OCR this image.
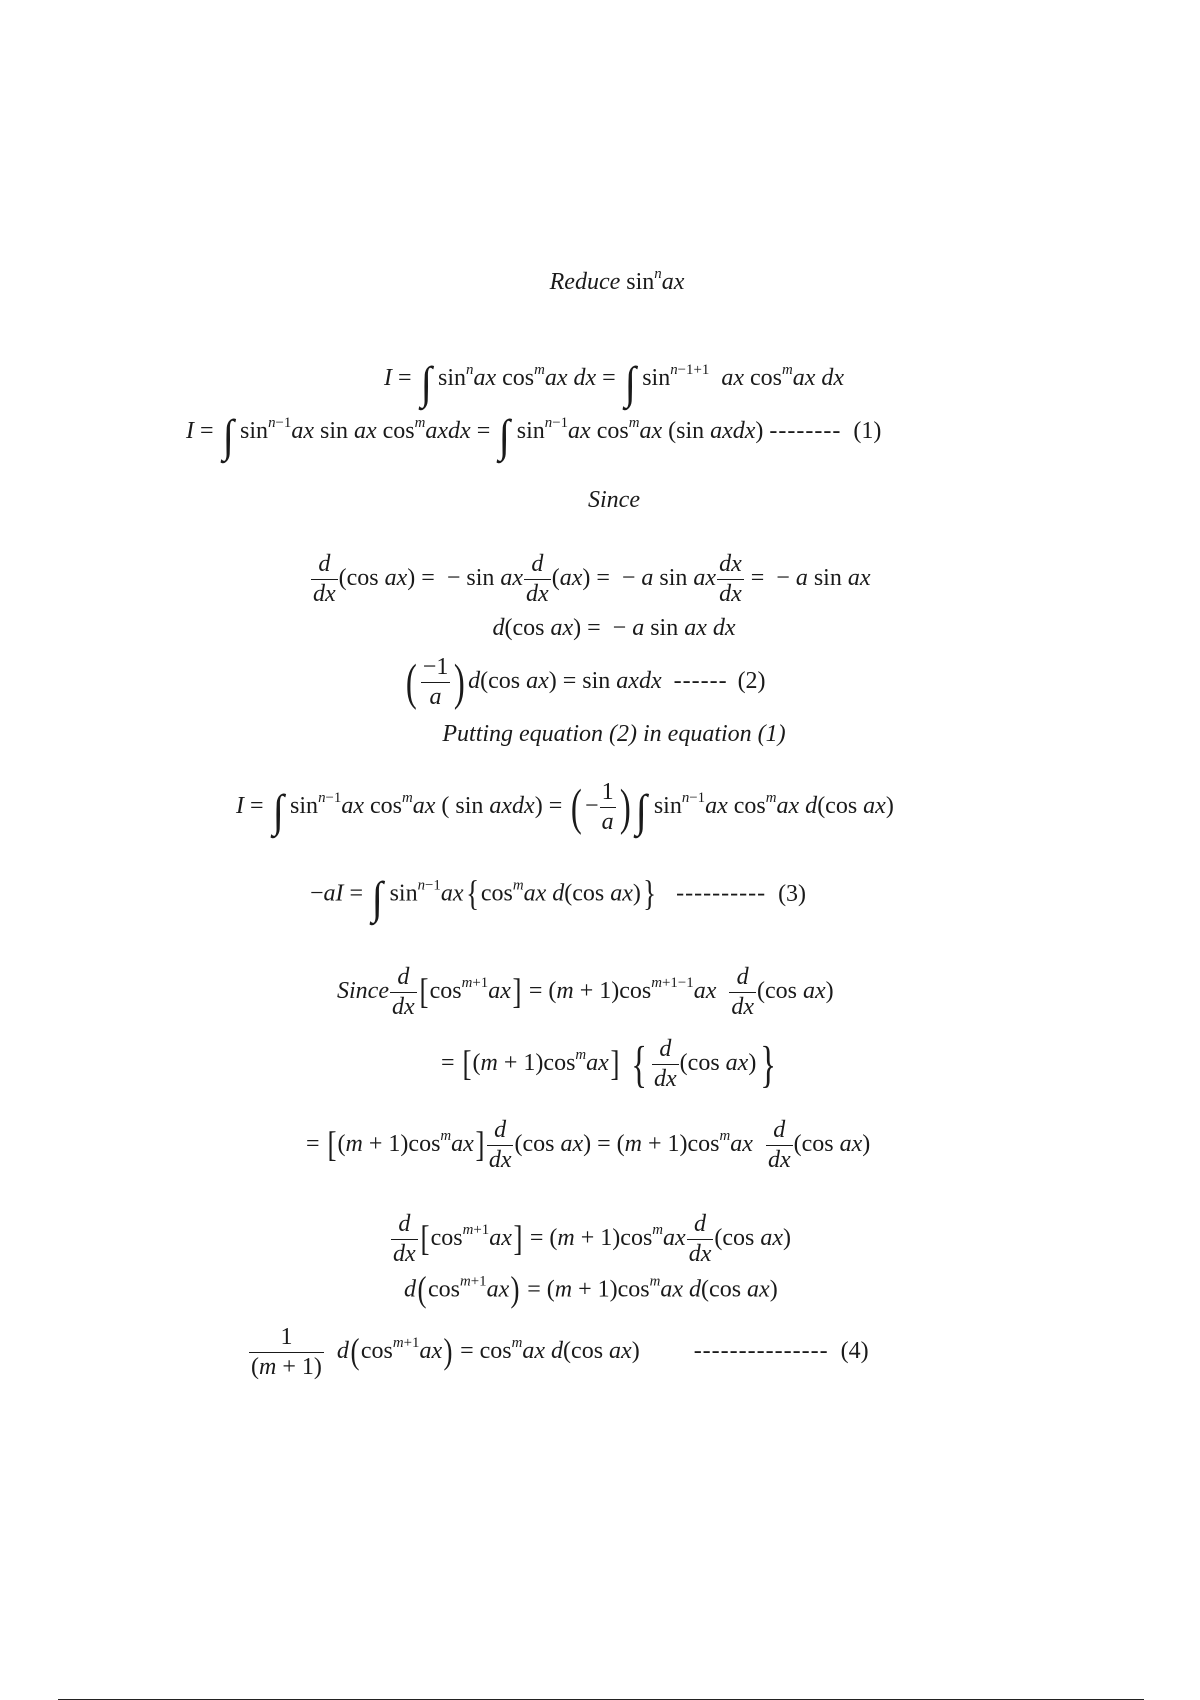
Reduce $\sin^nax$
I = ∫ $\sin^nax$ $\cos^max$ dx = ∫ $\sin^{n-1+1}$ ax $\cos^max$ dx
I = ∫ $\sin^{n-1}ax$ sin ax $\cos^maxdx$ = ∫ $\sin^{n-1}ax$ $\cos^max$ (sin axdx) -------- (1)
Since
$\frac{d}{dx} (\cos$ ax) =  − sin ax $\frac{d}{dx} (ax)$ =  − a sin ax $\frac{dx}{dx}$ =  − a sin ax
d(cos ax) =  − a sin ax dx
( $\frac{-1}{a}$ ) d(cos ax) = sin axdx ------ (2)
Putting equation (2) in equation (1)
I = ∫ $\sin^{n-1}ax$ $\cos^max$ ( sin axdx) = ( − $\frac{1}{a}$ ) ∫ $\sin^{n-1}ax$ $\cos^max$ d(cos ax)
−aI = ∫ $\sin^{n-1}ax\{\cos^max$ d(cos ax)} ---------- (3)
Since $\frac{d}{dx} [\cos^{m+1}ax] = (m + 1)\cos^{m+1-1}ax \frac{d}{dx} (\cos$ ax)
= $[(m + 1)\cos^max]$ { $\frac{d}{dx} (\cos$ ax)}
= $[(m + 1)\cos^max] \frac{d}{dx} (\cos$ $ax) = (m + 1)\cos^max \frac{d}{dx} (\cos$ ax)
$\frac{d}{dx} [\cos^{m+1}ax] = (m + 1)\cos^max \frac{d}{dx} (\cos$ ax)
$d(\cos^{m+1}ax) = (m + 1)\cos^max$ d(cos ax)
$\frac{1}{(m + 1)} d(\cos^{m+1}ax) = \cos^max$ d(cos ax)         --------------- (4)
